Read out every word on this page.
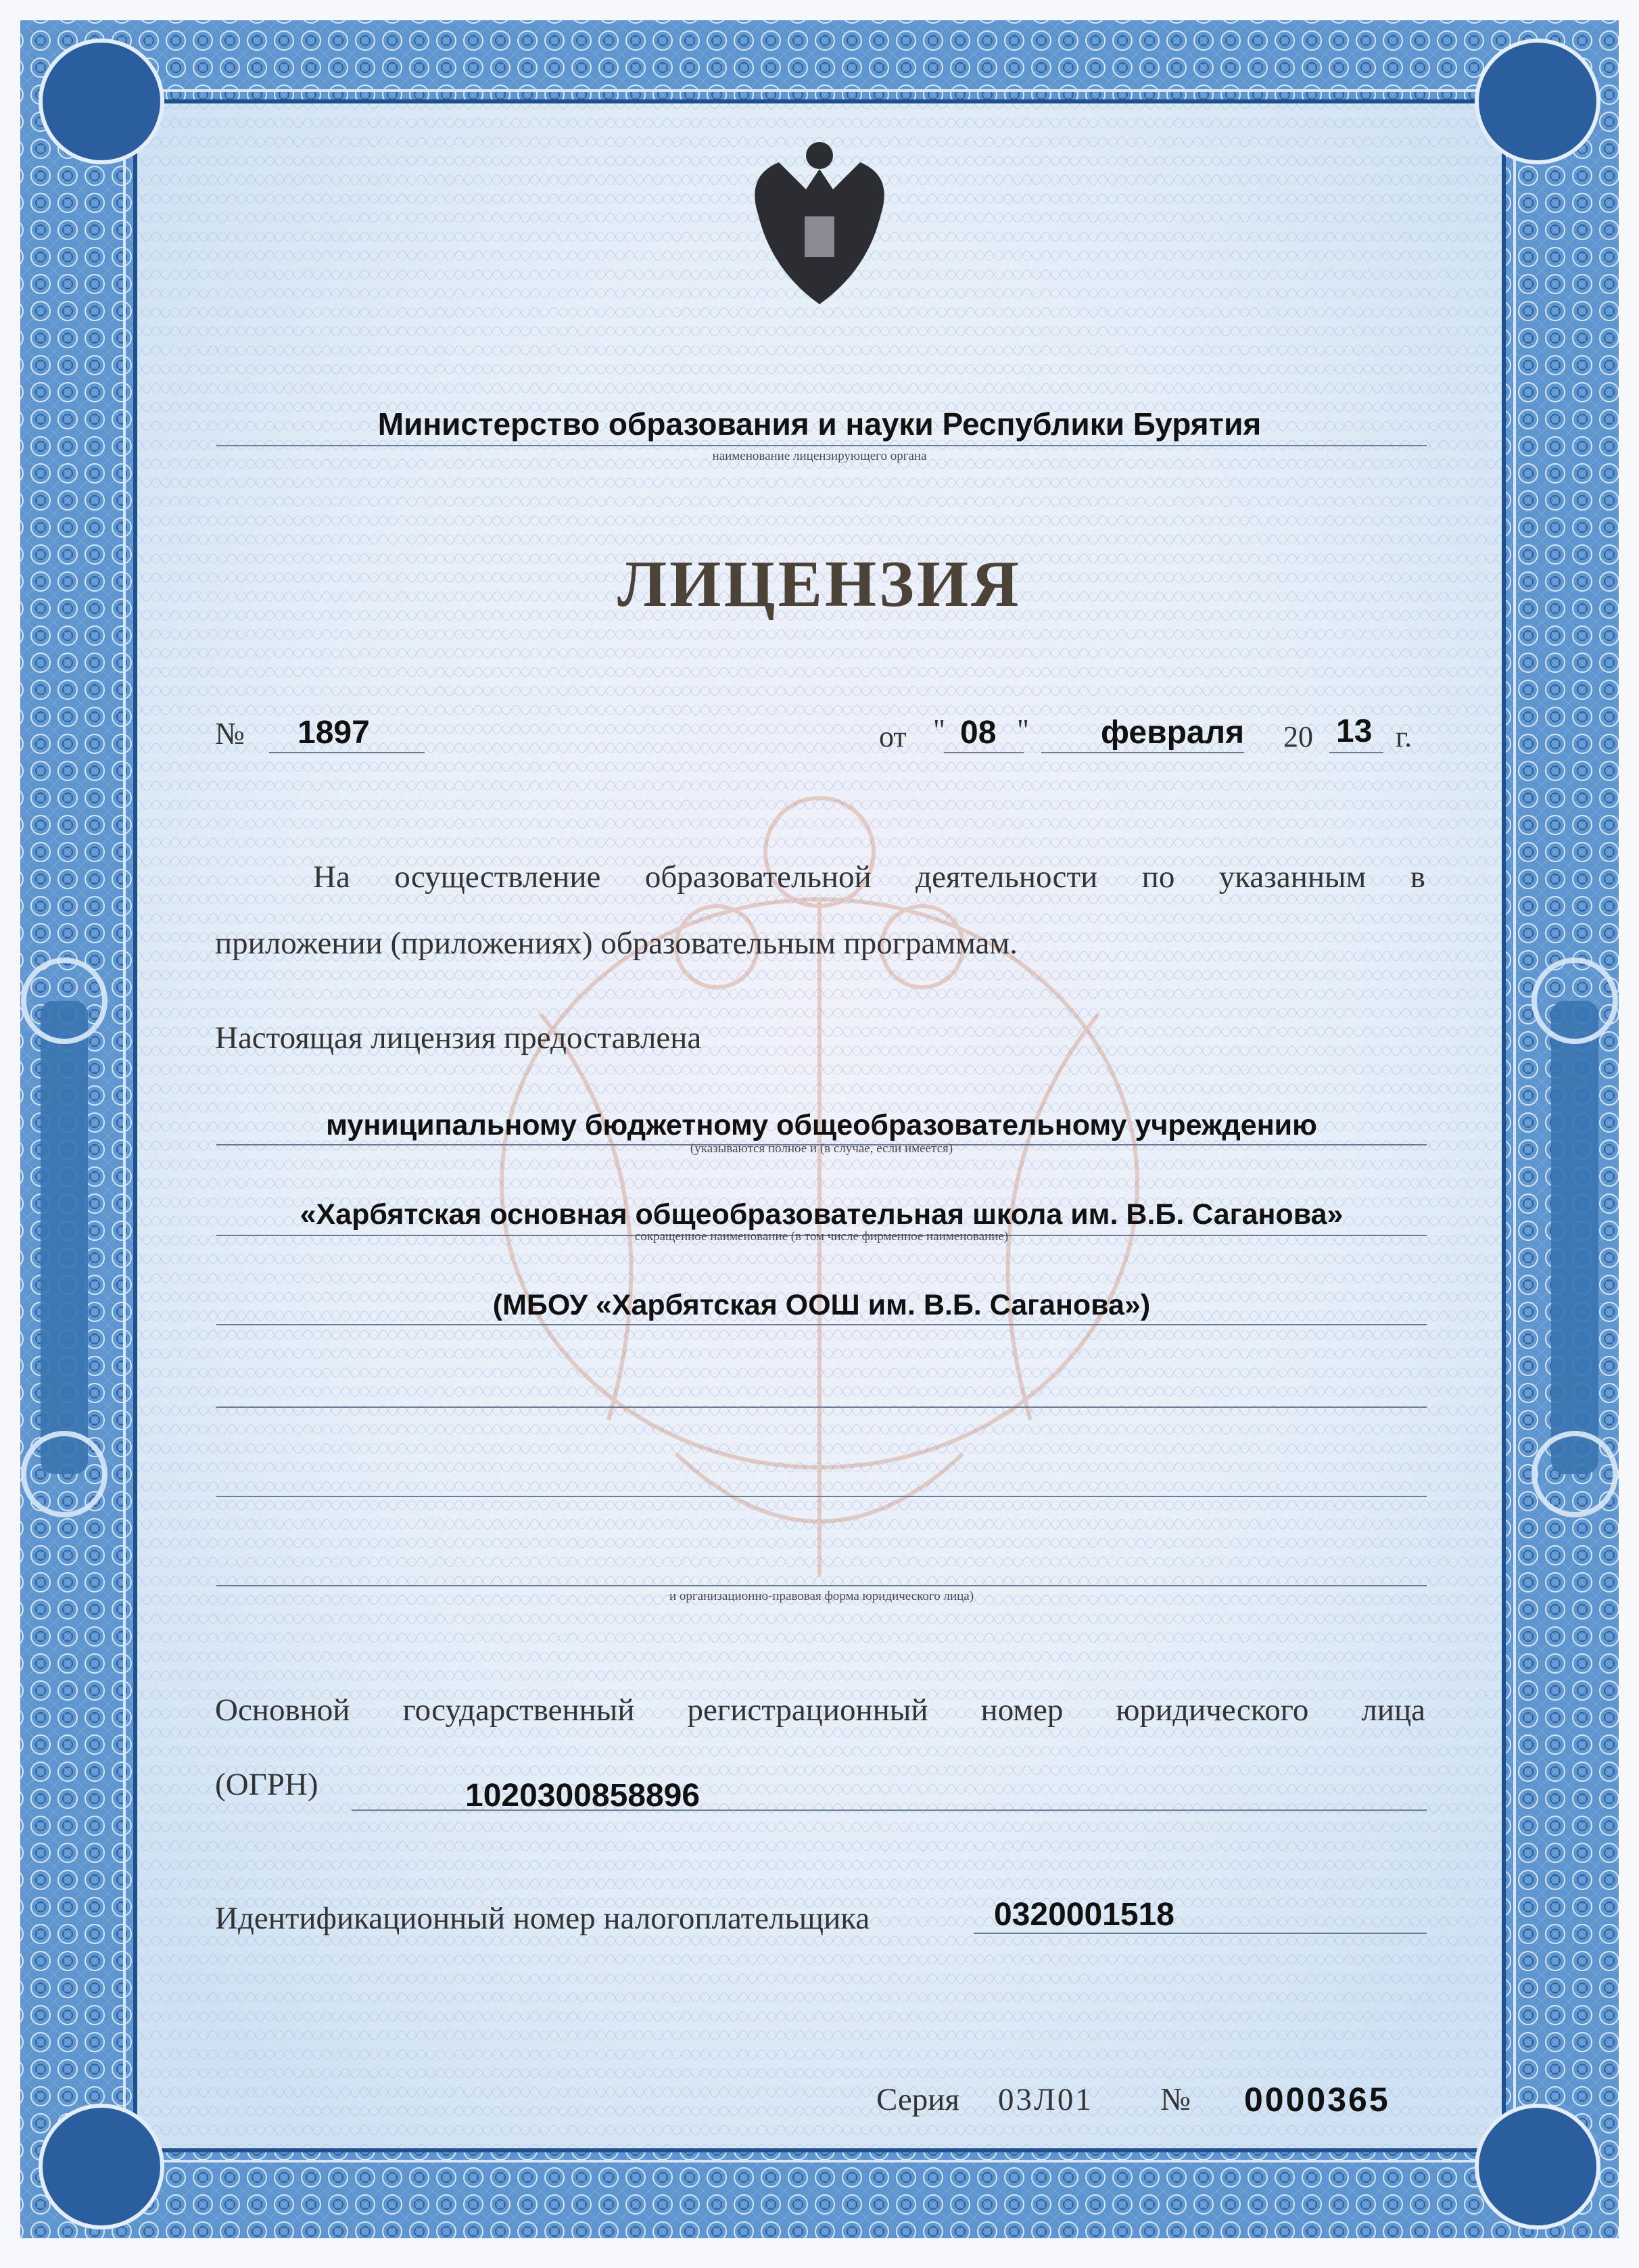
Министерство образования и науки Республики Бурятия
наименование лицензирующего органа
ЛИЦЕНЗИЯ
№ 1897	от " 08 " февраля 20 13 г.
На осуществление образовательной деятельности по указанным в
приложении (приложениях) образовательным программам.
Настоящая лицензия предоставлена
муниципальному бюджетному общеобразовательному учреждению
(указываются полное и (в случае, если имеется)
«Харбятская основная общеобразовательная школа им. В.Б. Саганова»
сокращенное наименование (в том числе фирменное наименование)
(МБОУ «Харбятская ООШ им. В.Б. Саганова»)
и организационно-правовая форма юридического лица)
Основной государственный регистрационный номер юридического лица
(ОГРН)	1020300858896
Идентификационный номер налогоплательщика	0320001518
Серия 03Л01 № 0000365
